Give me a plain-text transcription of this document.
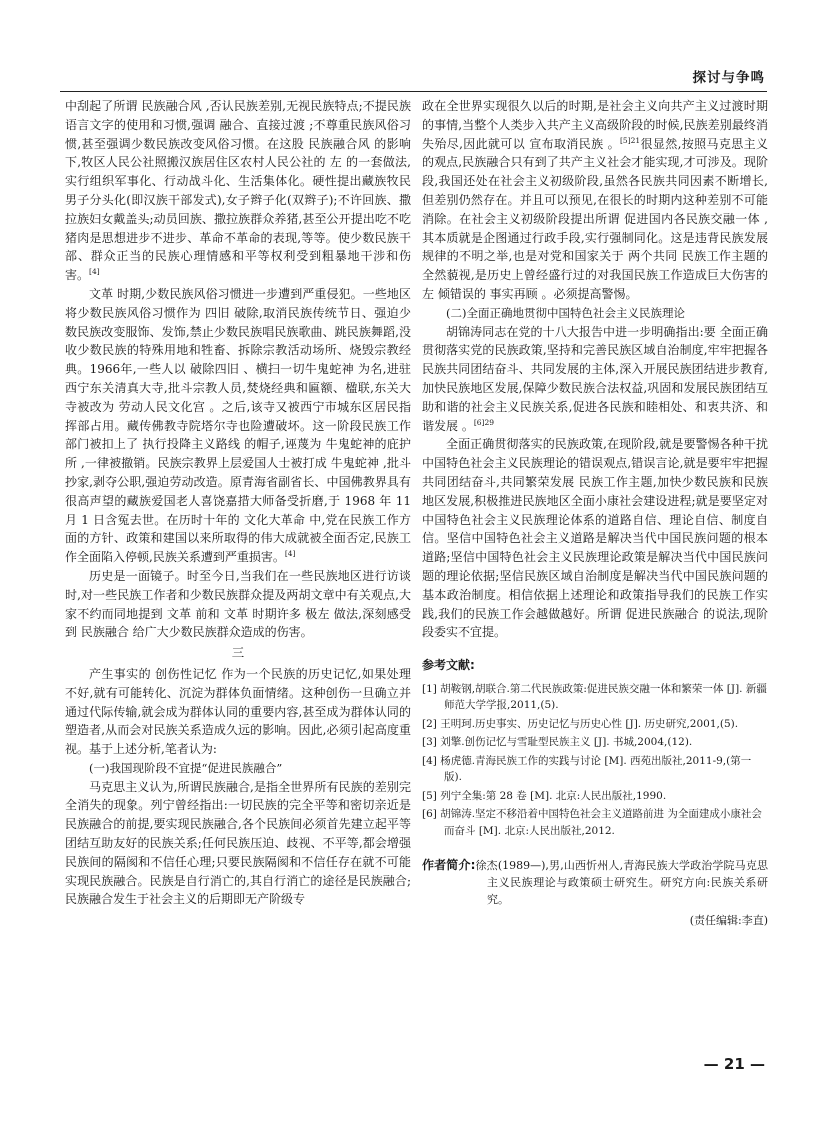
探讨与争鸣

中刮起了所谓 民族融合风 ,否认民族差别,无视民族特点;不提民族语言文字的使用和习惯,强调 融合、直接过渡 ;不尊重民族风俗习惯,甚至强调少数民族改变风俗习惯。在这股 民族融合风 的影响下,牧区人民公社照搬汉族居住区农村人民公社的 左 的一套做法,实行组织军事化、行动战斗化、生活集体化。硬性提出藏族牧民男子分头化(即汉族干部发式),女子辫子化(双辫子);不许回族、撒拉族妇女戴盖头;动员回族、撒拉族群众养猪,甚至公开提出吃不吃猪肉是思想进步不进步、革命不革命的表现,等等。使少数民族干部、群众正当的民族心理情感和平等权利受到粗暴地干涉和伤害。[4]

文革 时期,少数民族风俗习惯进一步遭到严重侵犯。一些地区将少数民族风俗习惯作为 四旧 破除,取消民族传统节日、强迫少数民族改变服饰、发饰,禁止少数民族唱民族歌曲、跳民族舞蹈,没收少数民族的特殊用地和牲畜、拆除宗教活动场所、烧毁宗教经典。1966年,一些人以 破除四旧 、横扫一切牛鬼蛇神 为名,进驻西宁东关清真大寺,批斗宗教人员,焚烧经典和匾额、楹联,东关大寺被改为 劳动人民文化宫 。之后,该寺又被西宁市城东区居民指挥部占用。藏传佛教寺院塔尔寺也险遭破坏。这一阶段民族工作部门被扣上了 执行投降主义路线 的帽子,诬蔑为 牛鬼蛇神的庇护所 ,一律被撤销。民族宗教界上层爱国人士被打成 牛鬼蛇神 ,批斗抄家,剥夺公职,强迫劳动改造。原青海省副省长、中国佛教界具有很高声望的藏族爱国老人喜饶嘉措大师备受折磨,于 1968 年 11 月 1 日含冤去世。在历时十年的 文化大革命 中,党在民族工作方面的方针、政策和建国以来所取得的伟大成就被全面否定,民族工作全面陷入停顿,民族关系遭到严重损害。[4]

历史是一面镜子。时至今日,当我们在一些民族地区进行访谈时,对一些民族工作者和少数民族群众提及两胡文章中有关观点,大家不约而同地提到 文革 前和 文革 时期许多 极左 做法,深刻感受到 民族融合 给广大少数民族群众造成的伤害。

三

产生事实的 创伤性记忆 作为一个民族的历史记忆,如果处理不好,就有可能转化、沉淀为群体负面情绪。这种创伤一旦确立并通过代际传输,就会成为群体认同的重要内容,甚至成为群体认同的塑造者,从而会对民族关系造成久远的影响。因此,必须引起高度重视。基于上述分析,笔者认为:

(一)我国现阶段不宜提“促进民族融合”

马克思主义认为,所谓民族融合,是指全世界所有民族的差别完全消失的现象。列宁曾经指出:一切民族的完全平等和密切亲近是民族融合的前提,要实现民族融合,各个民族间必须首先建立起平等团结互助友好的民族关系;任何民族压迫、歧视、不平等,都会增强民族间的隔阂和不信任心理;只要民族隔阂和不信任存在就不可能实现民族融合。民族是自行消亡的,其自行消亡的途径是民族融合;民族融合发生于社会主义的后期即无产阶级专

政在全世界实现很久以后的时期,是社会主义向共产主义过渡时期的事情,当整个人类步入共产主义高级阶段的时候,民族差别最终消失殆尽,因此就可以 宣布取消民族 。$^{[5]21}$很显然,按照马克思主义的观点,民族融合只有到了共产主义社会才能实现,才可涉及。现阶段,我国还处在社会主义初级阶段,虽然各民族共同因素不断增长,但差别仍然存在。并且可以预见,在很长的时期内这种差别不可能消除。在社会主义初级阶段提出所谓 促进国内各民族交融一体 ,其本质就是企图通过行政手段,实行强制同化。这是违背民族发展规律的不明之举,也是对党和国家关于 两个共同 民族工作主题的全然藐视,是历史上曾经盛行过的对我国民族工作造成巨大伤害的 左 倾错误的 事实再顾 。必须提高警惕。

(二)全面正确地贯彻中国特色社会主义民族理论

胡锦涛同志在党的十八大报告中进一步明确指出:要 全面正确贯彻落实党的民族政策,坚持和完善民族区域自治制度,牢牢把握各民族共同团结奋斗、共同发展的主体,深入开展民族团结进步教育,加快民族地区发展,保障少数民族合法权益,巩固和发展民族团结互助和谐的社会主义民族关系,促进各民族和睦相处、和衷共济、和谐发展 。$^{[6]29}$

全面正确贯彻落实的民族政策,在现阶段,就是要警惕各种干扰中国特色社会主义民族理论的错误观点,错误言论,就是要牢牢把握 共同团结奋斗,共同繁荣发展 民族工作主题,加快少数民族和民族地区发展,积极推进民族地区全面小康社会建设进程;就是要坚定对中国特色社会主义民族理论体系的道路自信、理论自信、制度自信。坚信中国特色社会主义道路是解决当代中国民族问题的根本道路;坚信中国特色社会主义民族理论政策是解决当代中国民族问题的理论依据;坚信民族区域自治制度是解决当代中国民族问题的基本政治制度。相信依据上述理论和政策指导我们的民族工作实践,我们的民族工作会越做越好。所谓 促进民族融合 的说法,现阶段委实不宜提。

参考文献:
[1] 胡鞍钢,胡联合.第二代民族政策:促进民族交融一体和繁荣一体 [J]. 新疆师范大学学报,2011,(5).
[2] 王明珂.历史事实、历史记忆与历史心性 [J]. 历史研究,2001,(5).
[3] 刘擎.创伤记忆与雪耻型民族主义 [J]. 书城,2004,(12).
[4] 杨虎德.青海民族工作的实践与讨论 [M]. 西苑出版社,2011-9,(第一版).
[5] 列宁全集:第 28 卷 [M]. 北京:人民出版社,1990.
[6] 胡锦涛.坚定不移沿着中国特色社会主义道路前进 为全面建成小康社会而奋斗 [M]. 北京:人民出版社,2012.
作者简介:徐杰(1989—),男,山西忻州人,青海民族大学政治学院马克思主义民族理论与政策硕士研究生。研究方向:民族关系研究。
(责任编辑:李直)
— 21 —
